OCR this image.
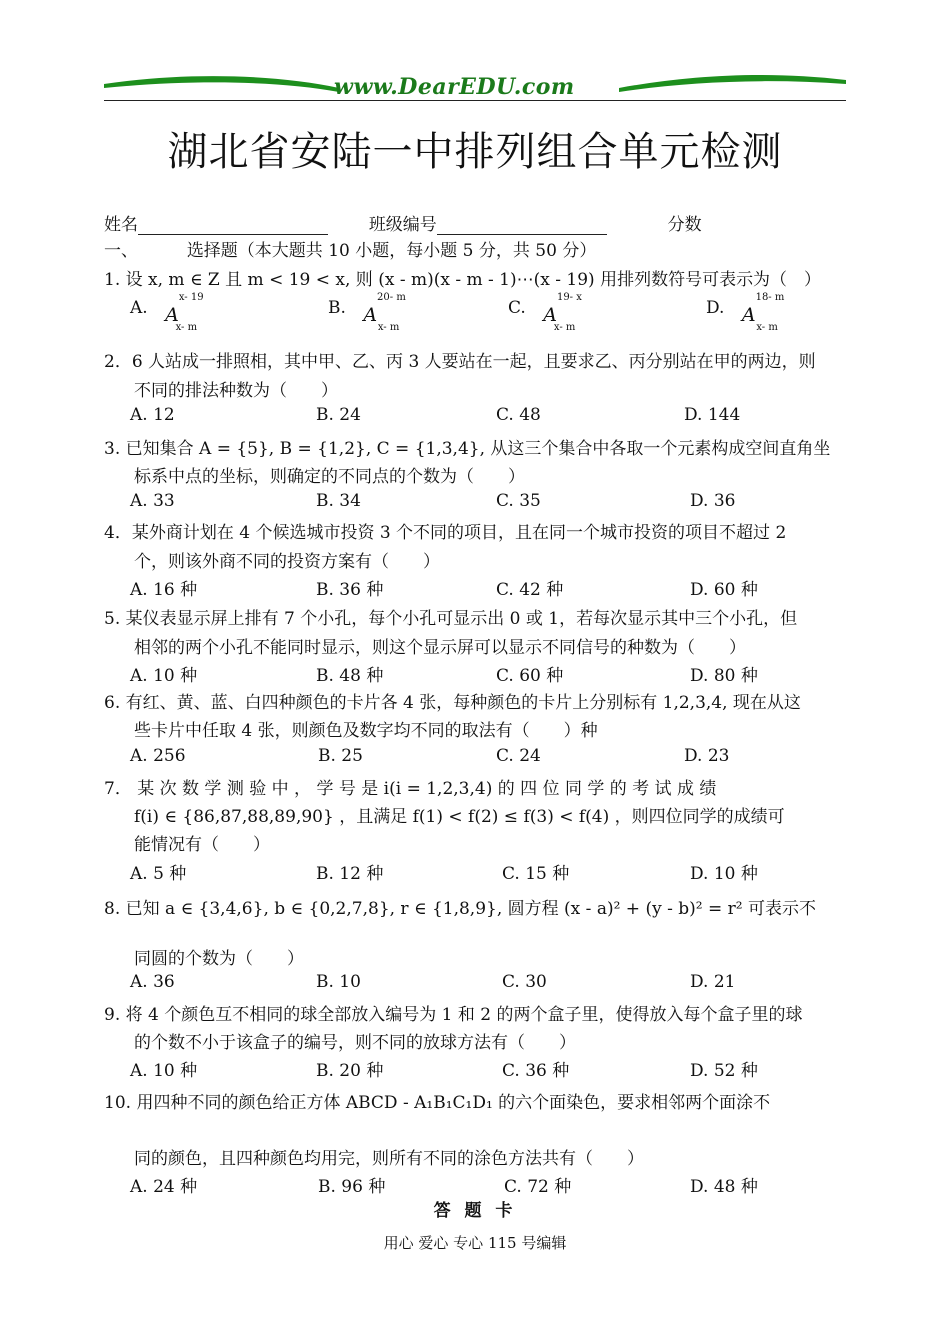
www.DearEDU.com
湖北省安陆一中排列组合单元检测
姓名	班级编号	分数
一、	选择题（本大题共 10 小题，每小题 5 分，共 50 分）
1. 设 x, m ∈ Z 且 m < 19 < x, 则 (x - m)(x - m - 1)⋯(x - 19) 用排列数符号可表示为（　）
A. $A^{x- 19}_{x- m}$
B. $A^{20- m}_{x- m}$
C. $A^{19- x}_{x- m}$
D. $A^{18- m}_{x- m}$
2．6 人站成一排照相，其中甲、乙、丙 3 人要站在一起，且要求乙、丙分别站在甲的两边，则
不同的排法种数为（　　）
A. 12	B. 24	C. 48	D. 144
3. 已知集合 A = {5}, B = {1,2}, C = {1,3,4}, 从这三个集合中各取一个元素构成空间直角坐
标系中点的坐标，则确定的不同点的个数为（　　）
A. 33	B. 34	C. 35	D. 36
4．某外商计划在 4 个候选城市投资 3 个不同的项目，且在同一个城市投资的项目不超过 2
个，则该外商不同的投资方案有（　　）
A. 16 种	B. 36 种	C. 42 种	D. 60 种
5. 某仪表显示屏上排有 7 个小孔，每个小孔可显示出 0 或 1，若每次显示其中三个小孔，但
相邻的两个小孔不能同时显示，则这个显示屏可以显示不同信号的种数为（　　）
A. 10 种	B. 48 种	C. 60 种	D. 80 种
6. 有红、黄、蓝、白四种颜色的卡片各 4 张，每种颜色的卡片上分别标有 1,2,3,4, 现在从这
些卡片中任取 4 张，则颜色及数字均不同的取法有（　　）种
A. 256	B. 25	C. 24	D. 23
7． 某 次 数 学 测 验 中 ， 学 号 是 i(i = 1,2,3,4) 的 四 位 同 学 的 考 试 成 绩
f(i) ∈ {86,87,88,89,90} ，且满足 f(1) < f(2) ≤ f(3) < f(4) ，则四位同学的成绩可
能情况有（　　）
A. 5 种	B. 12 种	C. 15 种	D. 10 种
8. 已知 a ∈ {3,4,6}, b ∈ {0,2,7,8}, r ∈ {1,8,9}, 圆方程 (x - a)² + (y - b)² = r² 可表示不
同圆的个数为（　　）
A. 36	B. 10	C. 30	D. 21
9. 将 4 个颜色互不相同的球全部放入编号为 1 和 2 的两个盒子里，使得放入每个盒子里的球
的个数不小于该盒子的编号，则不同的放球方法有（　　）
A. 10 种	B. 20 种	C. 36 种	D. 52 种
10. 用四种不同的颜色给正方体 ABCD - A₁B₁C₁D₁ 的六个面染色，要求相邻两个面涂不
同的颜色，且四种颜色均用完，则所有不同的涂色方法共有（　　）
A. 24 种	B. 96 种	C. 72 种	D. 48 种
答 题 卡
用心 爱心 专心 115 号编辑
